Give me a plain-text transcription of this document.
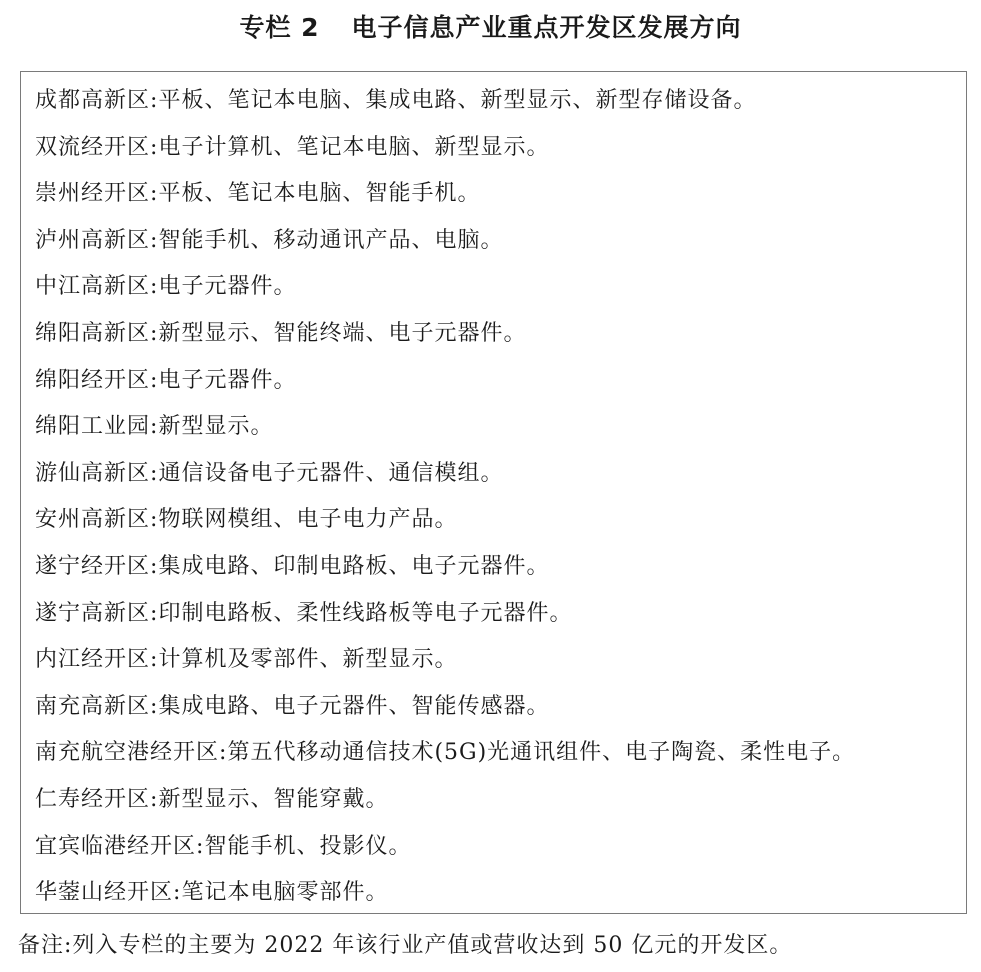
专栏 2 电子信息产业重点开发区发展方向
成都高新区:平板、笔记本电脑、集成电路、新型显示、新型存储设备。
双流经开区:电子计算机、笔记本电脑、新型显示。
崇州经开区:平板、笔记本电脑、智能手机。
泸州高新区:智能手机、移动通讯产品、电脑。
中江高新区:电子元器件。
绵阳高新区:新型显示、智能终端、电子元器件。
绵阳经开区:电子元器件。
绵阳工业园:新型显示。
游仙高新区:通信设备电子元器件、通信模组。
安州高新区:物联网模组、电子电力产品。
遂宁经开区:集成电路、印制电路板、电子元器件。
遂宁高新区:印制电路板、柔性线路板等电子元器件。
内江经开区:计算机及零部件、新型显示。
南充高新区:集成电路、电子元器件、智能传感器。
南充航空港经开区:第五代移动通信技术(5G)光通讯组件、电子陶瓷、柔性电子。
仁寿经开区:新型显示、智能穿戴。
宜宾临港经开区:智能手机、投影仪。
华蓥山经开区:笔记本电脑零部件。
备注:列入专栏的主要为 2022 年该行业产值或营收达到 50 亿元的开发区。
